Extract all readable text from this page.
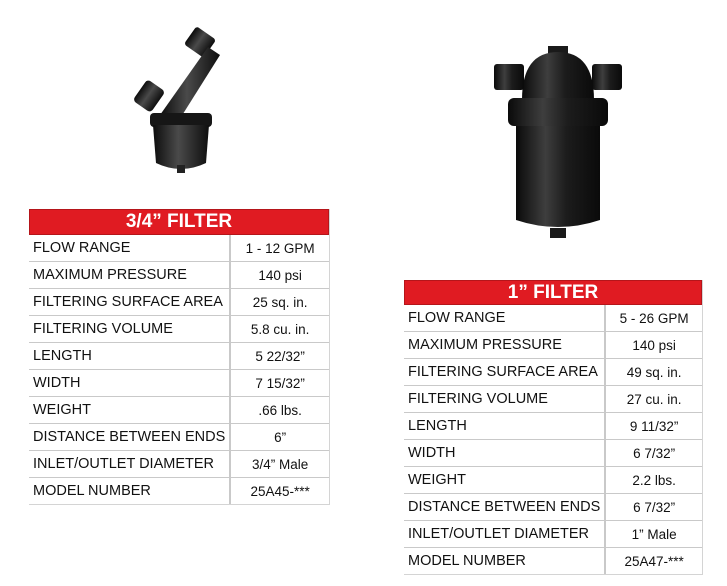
3/4” FILTER
FLOW RANGE	1 - 12 GPM
MAXIMUM PRESSURE	140 psi
FILTERING SURFACE AREA	25 sq. in.
FILTERING VOLUME	5.8 cu. in.
LENGTH	5 22/32”
WIDTH	7 15/32”
WEIGHT	.66 lbs.
DISTANCE BETWEEN ENDS	6”
INLET/OUTLET DIAMETER	3/4” Male
MODEL NUMBER	25A45-***
1” FILTER
FLOW RANGE	5 - 26 GPM
MAXIMUM PRESSURE	140 psi
FILTERING SURFACE AREA	49 sq. in.
FILTERING VOLUME	27 cu. in.
LENGTH	9 11/32”
WIDTH	6 7/32”
WEIGHT	2.2 lbs.
DISTANCE BETWEEN ENDS	6 7/32”
INLET/OUTLET DIAMETER	1” Male
MODEL NUMBER	25A47-***
